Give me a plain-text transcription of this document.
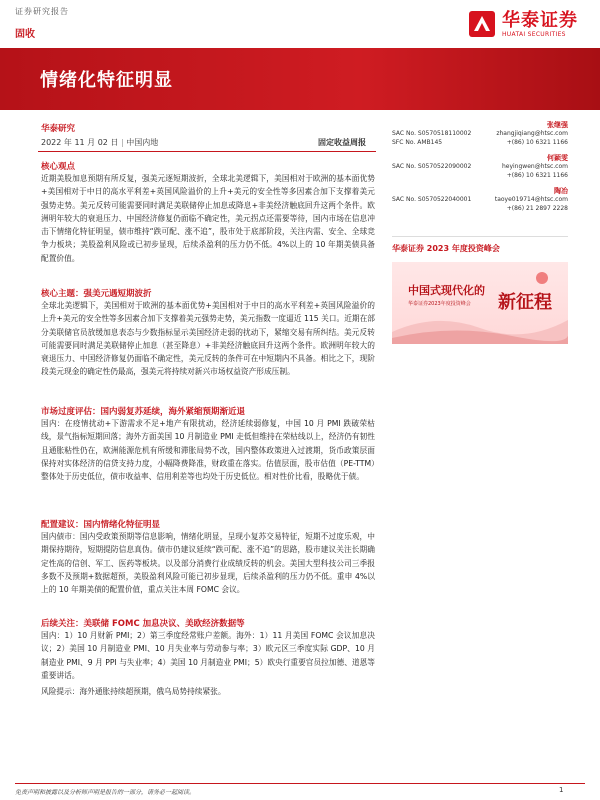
证券研究报告
固收
华泰证券
HUATAI SECURITIES
情绪化特征明显
华泰研究
2022 年 11 月 02 日 | 中国内地	固定收益周报
核心观点
近期美股加息预期有所反复，强美元逐短期波折，全球北美逻辑下，美国相对于欧洲的基本面优势+美国相对于中日的高水平利差+英国风险溢价的上升+美元的安全性等多因素合加下支撑着美元强势走势。美元反转可能需要同时满足美联储停止加息或降息+非美经济触底回升这两个条件。欧洲明年较大的衰退压力、中国经济修复仍面临不确定性，美元拐点还需要等待，国内市场在信息冲击下情绪化特征明显，债市维持“跌可配、涨不追”，股市处于底部阶段，关注内需、安全、全球竞争力板块；美股盈利风险或已初步显现，后续杀盈利的压力仍不低。4%以上的 10 年期美债具备配置价值。
核心主题：强美元遇短期波折
全球北美逻辑下，美国相对于欧洲的基本面优势+美国相对于中日的高水平利差+英国风险溢价的上升+美元的安全性等多因素合加下支撑着美元强势走势，美元指数一度逼近 115 关口。近期在部分美联储官员放缓加息表态与少数指标显示美国经济走弱的扰动下，紧缩交易有所纠结。美元反转可能需要同时满足美联储停止加息（甚至降息）+非美经济触底回升这两个条件。欧洲明年较大的衰退压力、中国经济修复仍面临不确定性，美元反转的条件可在中短期内不具备。相比之下，现阶段美元现金的确定性仍最高，强美元将持续对新兴市场权益资产形成压制。
市场过度评估：国内弱复苏延续，海外紧缩预期渐近退
国内：在疫情扰动+下游需求不足+地产有限扰动，经济延续弱修复，中国 10 月 PMI 跌破荣枯线，景气指标短期回落；海外方面美国 10 月制造业 PMI 走低但维持在荣枯线以上，经济仍有韧性且通胀粘性仍在，欧洲能源危机有所缓和滞胀局势不改，国内整体政策进入过渡期，货币政策层面保持对实体经济的信贷支持力度，小幅降费降准，财政重在落实。估值层面，股市估值（PE-TTM）整体处于历史低位，债市收益率、信用利差等也均处于历史低位。相对性价比看，股略优于债。
配置建议：国内情绪化特征明显
国内债市：国内受政策预期等信息影响，情绪化明显，呈现小复苏交易特征，短期不过度乐观，中期保持期待，短期提防信息真伪。债市仍建议延续“跌可配、涨不追”的思路，股市建议关注长期确定性高的信创、军工、医药等板块。以及部分消费行业成绩反转的机会。美国大型科技公司三季报多数不及预期+数据超预，美股盈利风险可能已初步显现，后续杀盈利的压力仍不低。重申 4%以上的 10 年期美债的配置价值，重点关注本周 FOMC 会议。
后续关注：美联储 FOMC 加息决议、美欧经济数据等
国内：1）10 月财新 PMI；2）第三季度经常账户差额。海外：1）11 月美国 FOMC 会议加息决议；2）美国 10 月制造业 PMI、10 月失业率与劳动参与率；3）欧元区三季度实际 GDP、10 月制造业 PMI、9 月 PPI 与失业率；4）美国 10 月制造业 PMI；5）欧央行重要官员拉加德、道恩等重要讲话。
风险提示：海外通胀持续超预期，俄乌局势持续紧张。
张继强
SAC No. S0570518110002	zhangjiqiang@htsc.com
SFC No. AMB145	+(86) 10 6321 1166
何颖雯
SAC No. S0570522090002	heyingwen@htsc.com
+(86) 10 6321 1166
陶冶
SAC No. S0570522040001	taoye019714@htsc.com
+(86) 21 2897 2228
华泰证券 2023 年度投资峰会
中国式现代化的
新征程
华泰证券2023年度投资峰会
免责声明和披露以及分析师声明是报告的一部分，请务必一起阅读。	1
